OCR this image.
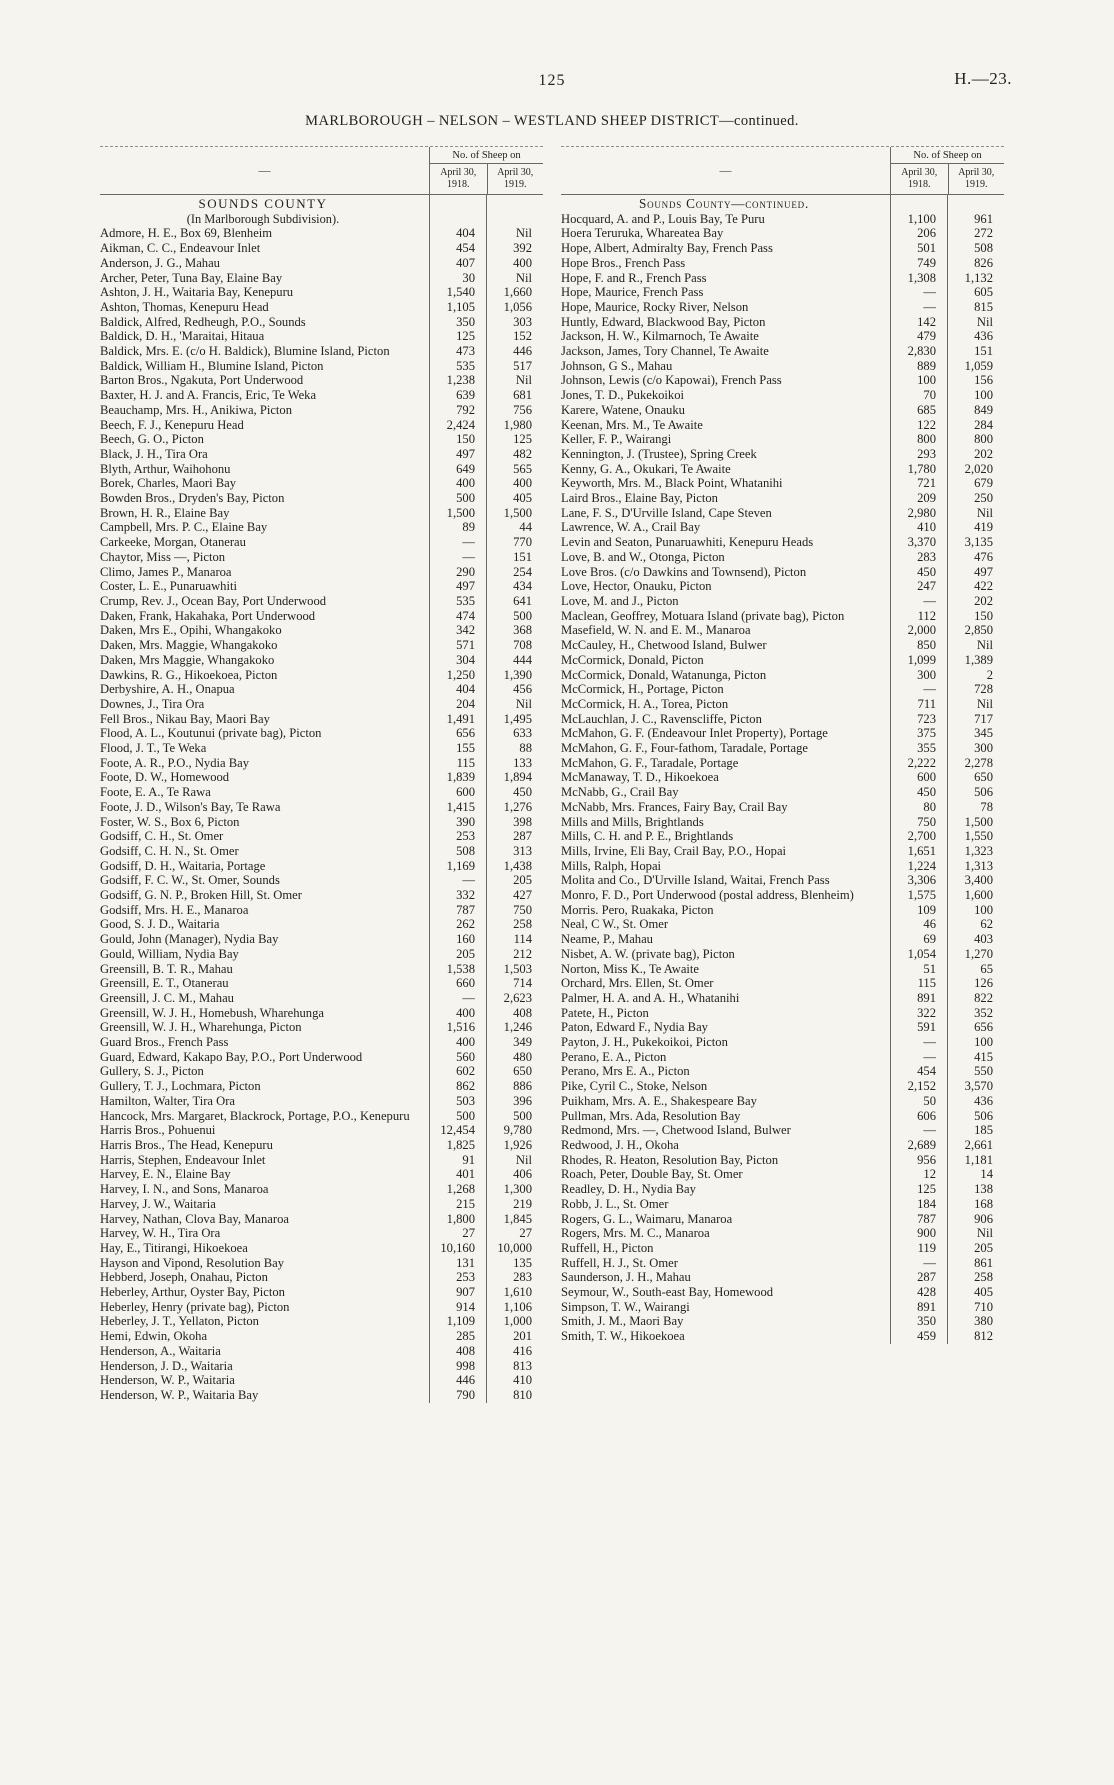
125	H.—23.
MARLBOROUGH – NELSON – WESTLAND SHEEP DISTRICT—continued.
—
No. of Sheep on
April 30, 1918.
April 30, 1919.
SOUNDS COUNTY
(In Marlborough Subdivision).
Admore, H. E., Box 69, Blenheim	404	Nil
Aikman, C. C., Endeavour Inlet	454	392
Anderson, J. G., Mahau	407	400
Archer, Peter, Tuna Bay, Elaine Bay	30	Nil
Ashton, J. H., Waitaria Bay, Kenepuru	1,540	1,660
Ashton, Thomas, Kenepuru Head	1,105	1,056
Baldick, Alfred, Redheugh, P.O., Sounds	350	303
Baldick, D. H., 'Maraitai, Hitaua	125	152
Baldick, Mrs. E. (c/o H. Baldick), Blumine Island, Picton	473	446
Baldick, William H., Blumine Island, Picton	535	517
Barton Bros., Ngakuta, Port Underwood	1,238	Nil
Baxter, H. J. and A. Francis, Eric, Te Weka	639	681
Beauchamp, Mrs. H., Anikiwa, Picton	792	756
Beech, F. J., Kenepuru Head	2,424	1,980
Beech, G. O., Picton	150	125
Black, J. H., Tira Ora	497	482
Blyth, Arthur, Waihohonu	649	565
Borek, Charles, Maori Bay	400	400
Bowden Bros., Dryden's Bay, Picton	500	405
Brown, H. R., Elaine Bay	1,500	1,500
Campbell, Mrs. P. C., Elaine Bay	89	44
Carkeeke, Morgan, Otanerau	—	770
Chaytor, Miss —, Picton	—	151
Climo, James P., Manaroa	290	254
Coster, L. E., Punaruawhiti	497	434
Crump, Rev. J., Ocean Bay, Port Underwood	535	641
Daken, Frank, Hakahaka, Port Underwood	474	500
Daken, Mrs E., Opihi, Whangakoko	342	368
Daken, Mrs. Maggie, Whangakoko	571	708
Daken, Mrs Maggie, Whangakoko	304	444
Dawkins, R. G., Hikoekoea, Picton	1,250	1,390
Derbyshire, A. H., Onapua	404	456
Downes, J., Tira Ora	204	Nil
Fell Bros., Nikau Bay, Maori Bay	1,491	1,495
Flood, A. L., Koutunui (private bag), Picton	656	633
Flood, J. T., Te Weka	155	88
Foote, A. R., P.O., Nydia Bay	115	133
Foote, D. W., Homewood	1,839	1,894
Foote, E. A., Te Rawa	600	450
Foote, J. D., Wilson's Bay, Te Rawa	1,415	1,276
Foster, W. S., Box 6, Picton	390	398
Godsiff, C. H., St. Omer	253	287
Godsiff, C. H. N., St. Omer	508	313
Godsiff, D. H., Waitaria, Portage	1,169	1,438
Godsiff, F. C. W., St. Omer, Sounds	—	205
Godsiff, G. N. P., Broken Hill, St. Omer	332	427
Godsiff, Mrs. H. E., Manaroa	787	750
Good, S. J. D., Waitaria	262	258
Gould, John (Manager), Nydia Bay	160	114
Gould, William, Nydia Bay	205	212
Greensill, B. T. R., Mahau	1,538	1,503
Greensill, E. T., Otanerau	660	714
Greensill, J. C. M., Mahau	—	2,623
Greensill, W. J. H., Homebush, Wharehunga	400	408
Greensill, W. J. H., Wharehunga, Picton	1,516	1,246
Guard Bros., French Pass	400	349
Guard, Edward, Kakapo Bay, P.O., Port Underwood	560	480
Gullery, S. J., Picton	602	650
Gullery, T. J., Lochmara, Picton	862	886
Hamilton, Walter, Tira Ora	503	396
Hancock, Mrs. Margaret, Blackrock, Portage, P.O., Kenepuru	500	500
Harris Bros., Pohuenui	12,454	9,780
Harris Bros., The Head, Kenepuru	1,825	1,926
Harris, Stephen, Endeavour Inlet	91	Nil
Harvey, E. N., Elaine Bay	401	406
Harvey, I. N., and Sons, Manaroa	1,268	1,300
Harvey, J. W., Waitaria	215	219
Harvey, Nathan, Clova Bay, Manaroa	1,800	1,845
Harvey, W. H., Tira Ora	27	27
Hay, E., Titirangi, Hikoekoea	10,160	10,000
Hayson and Vipond, Resolution Bay	131	135
Hebberd, Joseph, Onahau, Picton	253	283
Heberley, Arthur, Oyster Bay, Picton	907	1,610
Heberley, Henry (private bag), Picton	914	1,106
Heberley, J. T., Yellaton, Picton	1,109	1,000
Hemi, Edwin, Okoha	285	201
Henderson, A., Waitaria	408	416
Henderson, J. D., Waitaria	998	813
Henderson, W. P., Waitaria	446	410
Henderson, W. P., Waitaria Bay	790	810
—
No. of Sheep on
April 30, 1918.
April 30, 1919.
Sounds County—continued.
Hocquard, A. and P., Louis Bay, Te Puru	1,100	961
Hoera Teruruka, Whareatea Bay	206	272
Hope, Albert, Admiralty Bay, French Pass	501	508
Hope Bros., French Pass	749	826
Hope, F. and R., French Pass	1,308	1,132
Hope, Maurice, French Pass	—	605
Hope, Maurice, Rocky River, Nelson	—	815
Huntly, Edward, Blackwood Bay, Picton	142	Nil
Jackson, H. W., Kilmarnoch, Te Awaite	479	436
Jackson, James, Tory Channel, Te Awaite	2,830	151
Johnson, G S., Mahau	889	1,059
Johnson, Lewis (c/o Kapowai), French Pass	100	156
Jones, T. D., Pukekoikoi	70	100
Karere, Watene, Onauku	685	849
Keenan, Mrs. M., Te Awaite	122	284
Keller, F. P., Wairangi	800	800
Kennington, J. (Trustee), Spring Creek	293	202
Kenny, G. A., Okukari, Te Awaite	1,780	2,020
Keyworth, Mrs. M., Black Point, Whatanihi	721	679
Laird Bros., Elaine Bay, Picton	209	250
Lane, F. S., D'Urville Island, Cape Steven	2,980	Nil
Lawrence, W. A., Crail Bay	410	419
Levin and Seaton, Punaruawhiti, Kenepuru Heads	3,370	3,135
Love, B. and W., Otonga, Picton	283	476
Love Bros. (c/o Dawkins and Townsend), Picton	450	497
Love, Hector, Onauku, Picton	247	422
Love, M. and J., Picton	—	202
Maclean, Geoffrey, Motuara Island (private bag), Picton	112	150
Masefield, W. N. and E. M., Manaroa	2,000	2,850
McCauley, H., Chetwood Island, Bulwer	850	Nil
McCormick, Donald, Picton	1,099	1,389
McCormick, Donald, Watanunga, Picton	300	2
McCormick, H., Portage, Picton	—	728
McCormick, H. A., Torea, Picton	711	Nil
McLauchlan, J. C., Ravenscliffe, Picton	723	717
McMahon, G. F. (Endeavour Inlet Property), Portage	375	345
McMahon, G. F., Four-fathom, Taradale, Portage	355	300
McMahon, G. F., Taradale, Portage	2,222	2,278
McManaway, T. D., Hikoekoea	600	650
McNabb, G., Crail Bay	450	506
McNabb, Mrs. Frances, Fairy Bay, Crail Bay	80	78
Mills and Mills, Brightlands	750	1,500
Mills, C. H. and P. E., Brightlands	2,700	1,550
Mills, Irvine, Eli Bay, Crail Bay, P.O., Hopai	1,651	1,323
Mills, Ralph, Hopai	1,224	1,313
Molita and Co., D'Urville Island, Waitai, French Pass	3,306	3,400
Monro, F. D., Port Underwood (postal address, Blenheim)	1,575	1,600
Morris. Pero, Ruakaka, Picton	109	100
Neal, C W., St. Omer	46	62
Neame, P., Mahau	69	403
Nisbet, A. W. (private bag), Picton	1,054	1,270
Norton, Miss K., Te Awaite	51	65
Orchard, Mrs. Ellen, St. Omer	115	126
Palmer, H. A. and A. H., Whatanihi	891	822
Patete, H., Picton	322	352
Paton, Edward F., Nydia Bay	591	656
Payton, J. H., Pukekoikoi, Picton	—	100
Perano, E. A., Picton	—	415
Perano, Mrs E. A., Picton	454	550
Pike, Cyril C., Stoke, Nelson	2,152	3,570
Puikham, Mrs. A. E., Shakespeare Bay	50	436
Pullman, Mrs. Ada, Resolution Bay	606	506
Redmond, Mrs. —, Chetwood Island, Bulwer	—	185
Redwood, J. H., Okoha	2,689	2,661
Rhodes, R. Heaton, Resolution Bay, Picton	956	1,181
Roach, Peter, Double Bay, St. Omer	12	14
Readley, D. H., Nydia Bay	125	138
Robb, J. L., St. Omer	184	168
Rogers, G. L., Waimaru, Manaroa	787	906
Rogers, Mrs. M. C., Manaroa	900	Nil
Ruffell, H., Picton	119	205
Ruffell, H. J., St. Omer	—	861
Saunderson, J. H., Mahau	287	258
Seymour, W., South-east Bay, Homewood	428	405
Simpson, T. W., Wairangi	891	710
Smith, J. M., Maori Bay	350	380
Smith, T. W., Hikoekoea	459	812
